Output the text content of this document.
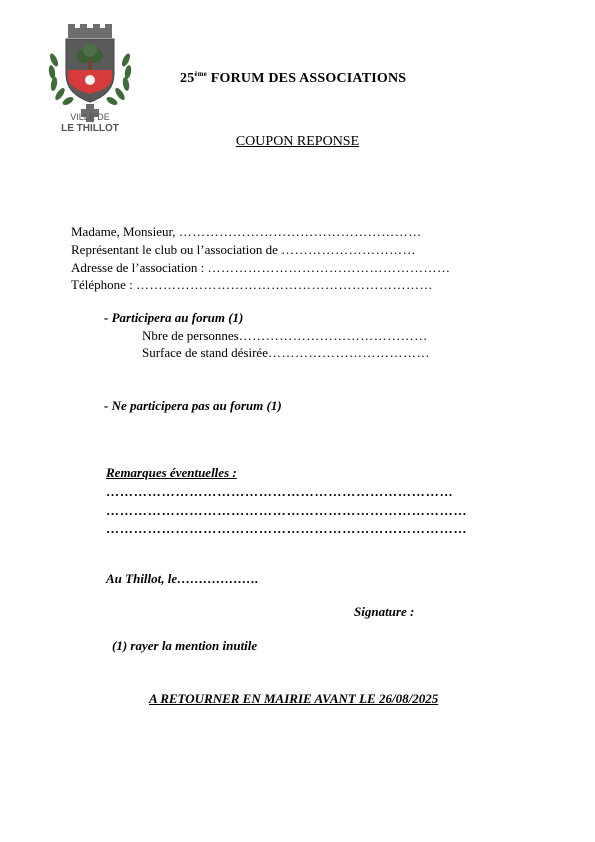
VILLE DE
LE THILLOT
25ème FORUM DES ASSOCIATIONS
COUPON REPONSE
Madame, Monsieur, ………………………………………………
Représentant le club ou l’association de …………………………
Adresse de l’association : ………………………………………………
Téléphone : …………………………………………………………
- Participera au forum (1)
Nbre de personnes……………………………………
Surface de stand désirée………………………………
- Ne participera pas au forum (1)
Remarques éventuelles :
…………………………………………………………………
……………………………………………………………………
……………………………………………………………………
Au Thillot, le……………….
Signature :
(1) rayer la mention inutile
A RETOURNER EN MAIRIE AVANT LE 26/08/2025
